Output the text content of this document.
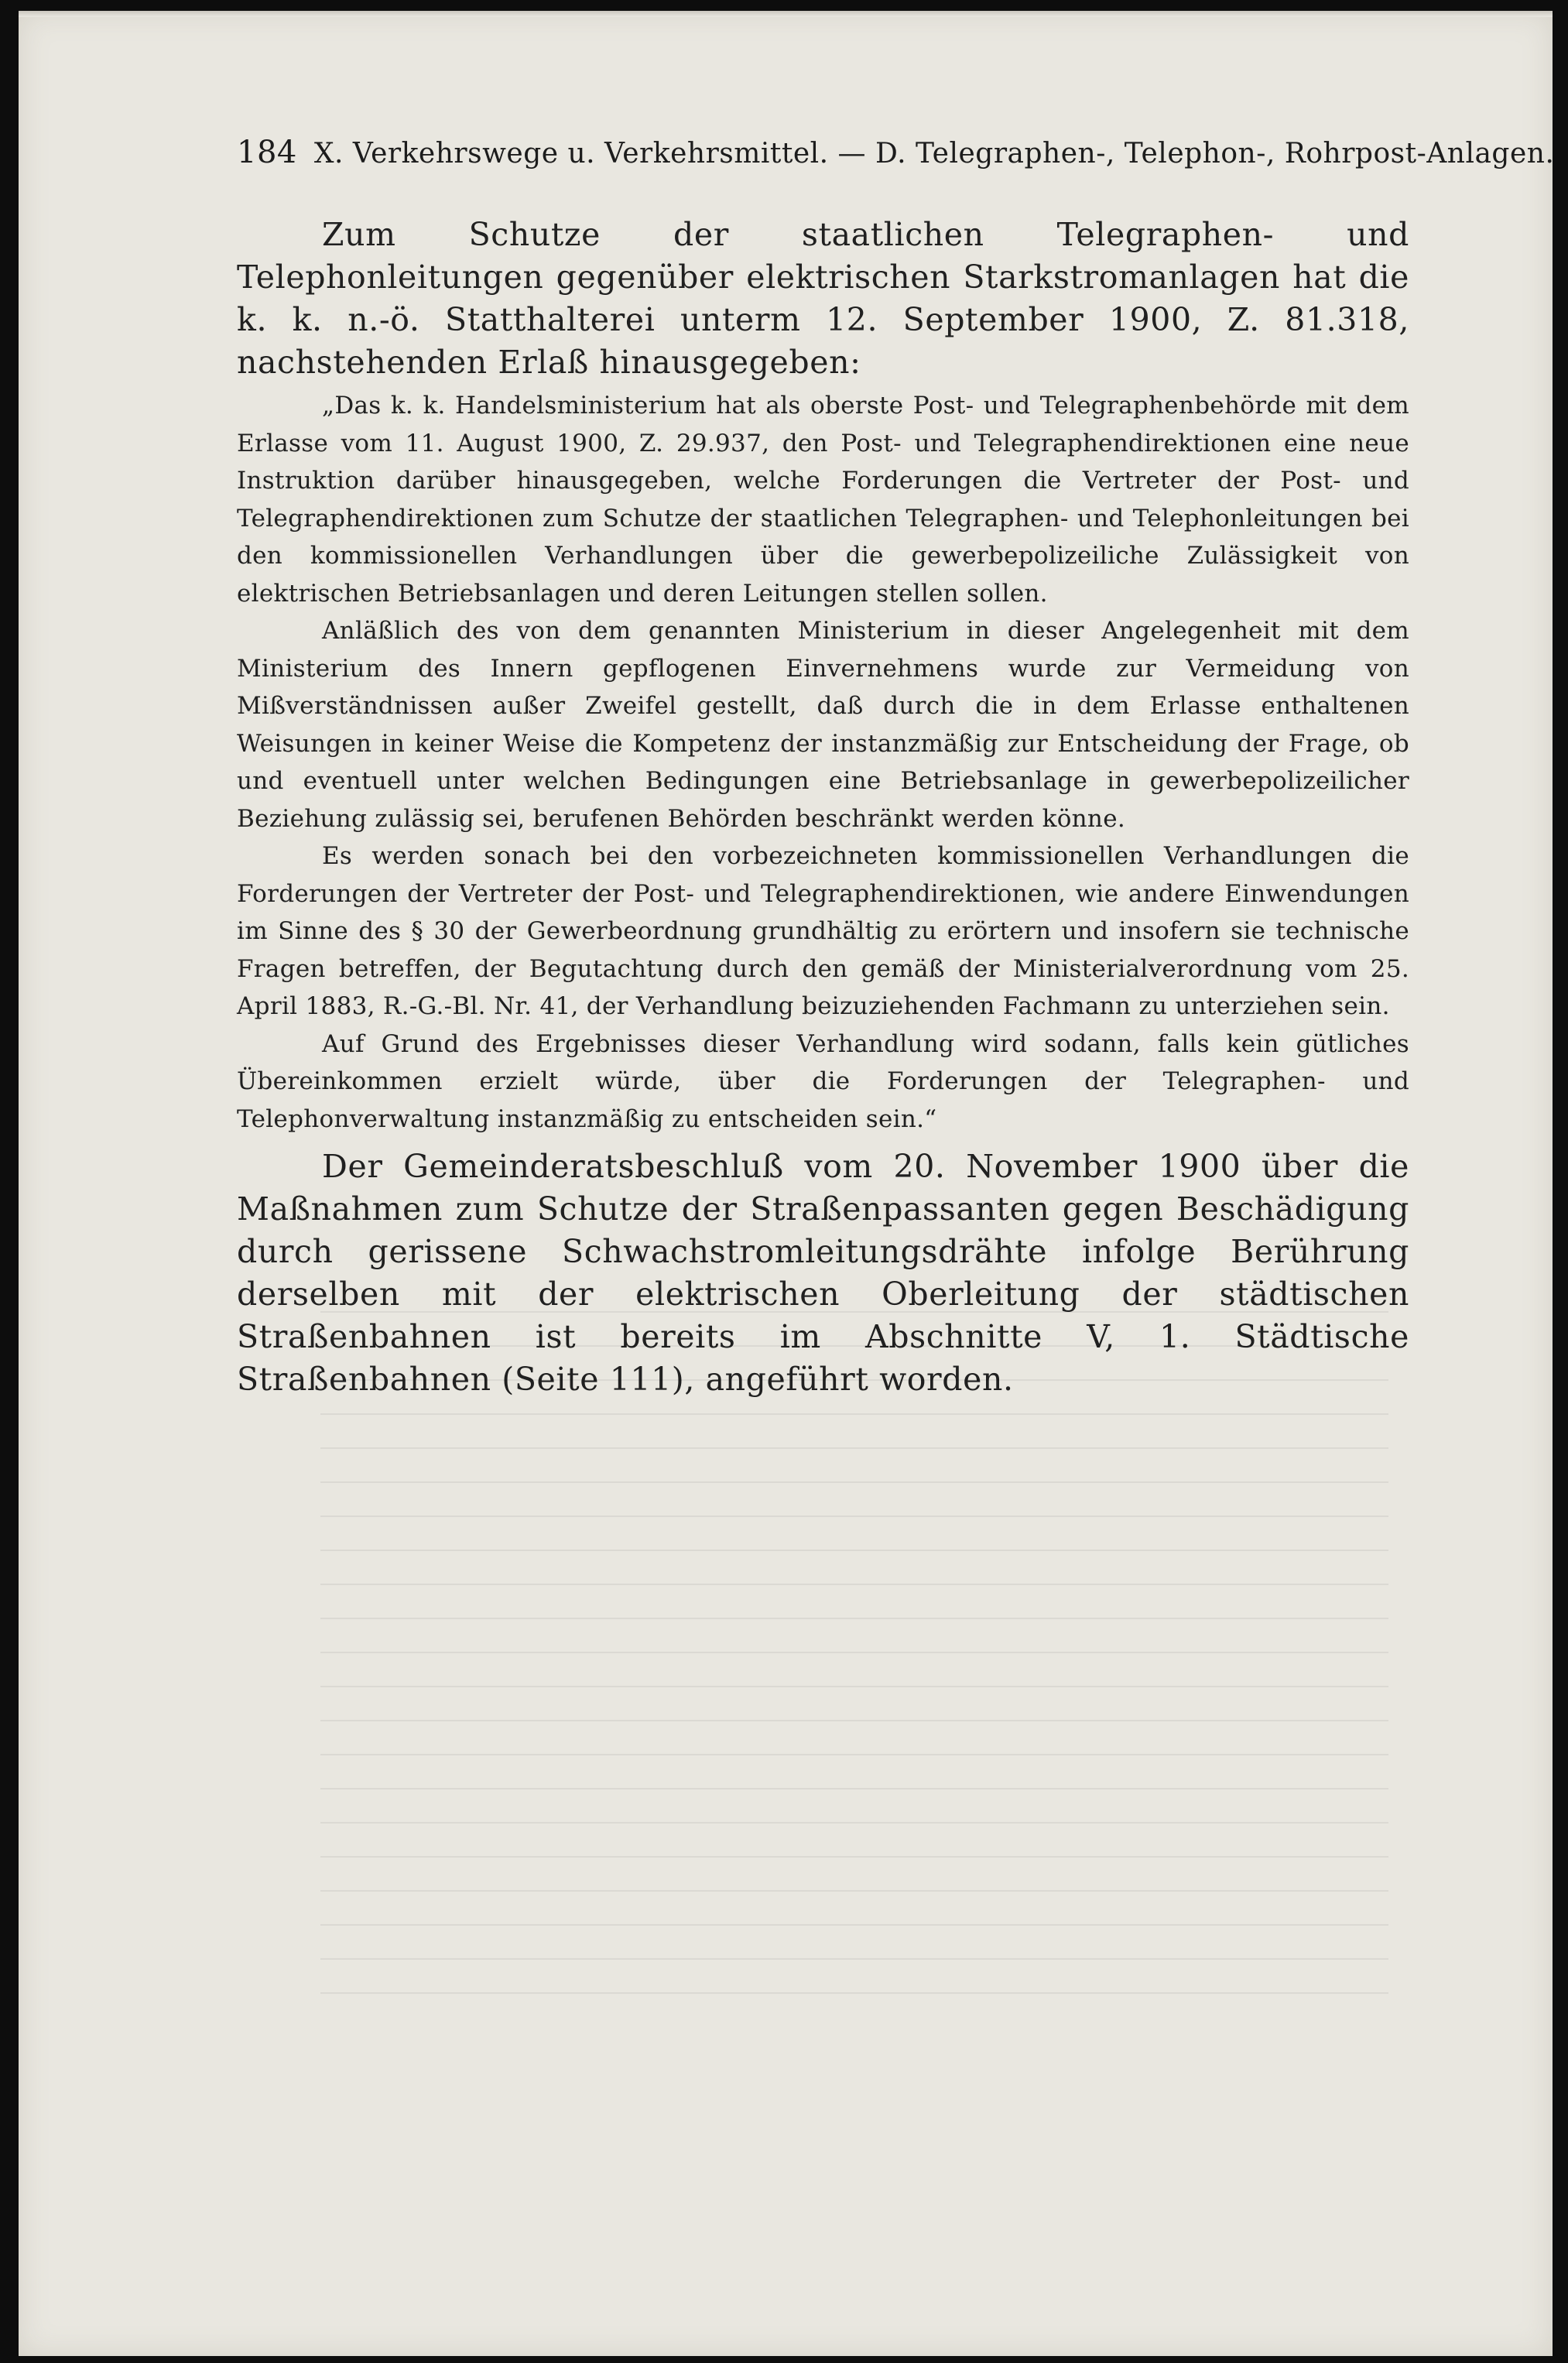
184 X. Verkehrswege u. Verkehrsmittel. — D. Telegraphen-, Telephon-, Rohrpost-Anlagen.

Zum Schutze der staatlichen Telegraphen- und Telephonleitungen gegenüber elektrischen Starkstromanlagen hat die k. k. n.-ö. Statthalterei unterm 12. September 1900, Z. 81.318, nachstehenden Erlaß hinausgegeben:

„Das k. k. Handelsministerium hat als oberste Post- und Telegraphenbehörde mit dem Erlasse vom 11. August 1900, Z. 29.937, den Post- und Telegraphendirektionen eine neue Instruktion darüber hinausgegeben, welche Forderungen die Vertreter der Post- und Telegraphendirektionen zum Schutze der staatlichen Telegraphen- und Telephonleitungen bei den kommissionellen Verhandlungen über die gewerbepolizeiliche Zulässigkeit von elektrischen Betriebsanlagen und deren Leitungen stellen sollen.

Anläßlich des von dem genannten Ministerium in dieser Angelegenheit mit dem Ministerium des Innern gepflogenen Einvernehmens wurde zur Vermeidung von Mißverständnissen außer Zweifel gestellt, daß durch die in dem Erlasse enthaltenen Weisungen in keiner Weise die Kompetenz der instanzmäßig zur Entscheidung der Frage, ob und eventuell unter welchen Bedingungen eine Betriebsanlage in gewerbepolizeilicher Beziehung zulässig sei, berufenen Behörden beschränkt werden könne.

Es werden sonach bei den vorbezeichneten kommissionellen Verhandlungen die Forderungen der Vertreter der Post- und Telegraphendirektionen, wie andere Einwendungen im Sinne des § 30 der Gewerbeordnung grundhältig zu erörtern und insofern sie technische Fragen betreffen, der Begutachtung durch den gemäß der Ministerialverordnung vom 25. April 1883, R.-G.-Bl. Nr. 41, der Verhandlung beizuziehenden Fachmann zu unterziehen sein.

Auf Grund des Ergebnisses dieser Verhandlung wird sodann, falls kein gütliches Übereinkommen erzielt würde, über die Forderungen der Telegraphen- und Telephonverwaltung instanzmäßig zu entscheiden sein.“

Der Gemeinderatsbeschluß vom 20. November 1900 über die Maßnahmen zum Schutze der Straßenpassanten gegen Beschädigung durch gerissene Schwachstromleitungsdrähte infolge Berührung derselben mit der elektrischen Oberleitung der städtischen Straßenbahnen ist bereits im Abschnitte V, 1. Städtische Straßenbahnen (Seite 111), angeführt worden.
